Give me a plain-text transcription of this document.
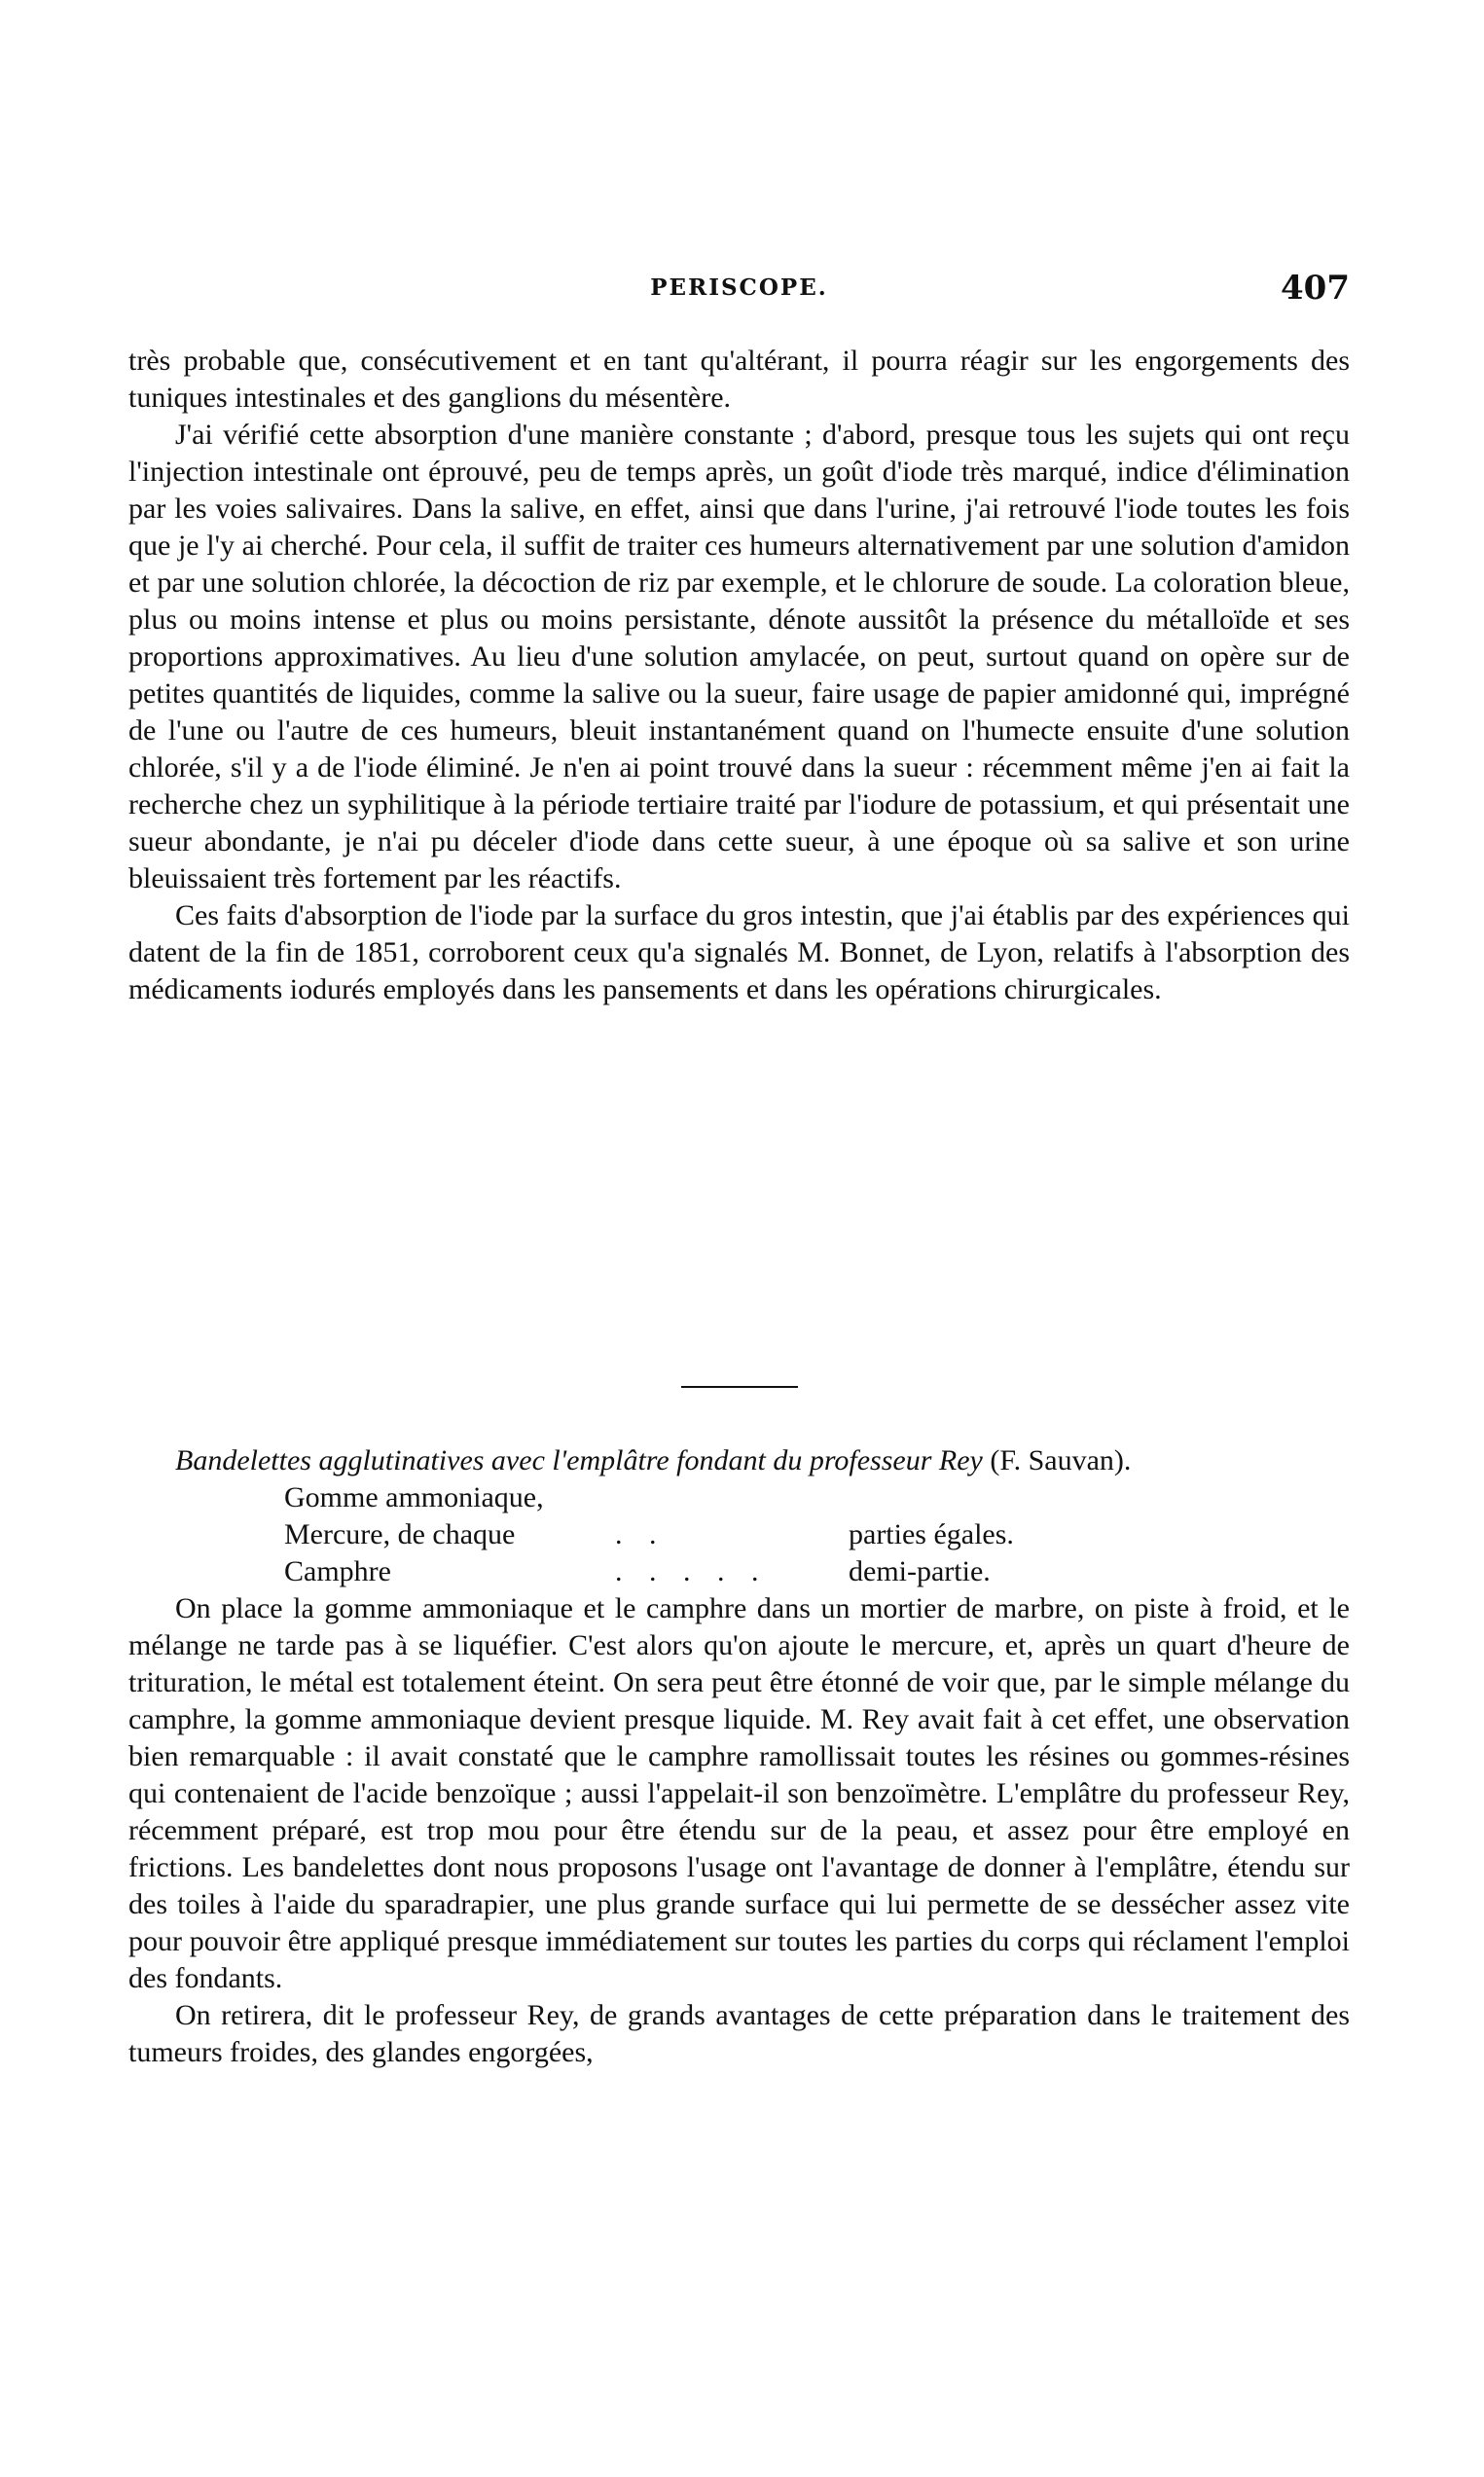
PERISCOPE.	407

très probable que, consécutivement et en tant qu'altérant, il pourra réagir sur les engorgements des tuniques intestinales et des ganglions du mésentère.

J'ai vérifié cette absorption d'une manière constante ; d'abord, presque tous les sujets qui ont reçu l'injection intestinale ont éprouvé, peu de temps après, un goût d'iode très marqué, indice d'élimination par les voies salivaires. Dans la salive, en effet, ainsi que dans l'urine, j'ai retrouvé l'iode toutes les fois que je l'y ai cherché. Pour cela, il suffit de traiter ces humeurs alternativement par une solution d'amidon et par une solution chlorée, la décoction de riz par exemple, et le chlorure de soude. La coloration bleue, plus ou moins intense et plus ou moins persistante, dénote aussitôt la présence du métalloïde et ses proportions approximatives. Au lieu d'une solution amylacée, on peut, surtout quand on opère sur de petites quantités de liquides, comme la salive ou la sueur, faire usage de papier amidonné qui, imprégné de l'une ou l'autre de ces humeurs, bleuit instantanément quand on l'humecte ensuite d'une solution chlorée, s'il y a de l'iode éliminé. Je n'en ai point trouvé dans la sueur : récemment même j'en ai fait la recherche chez un syphilitique à la période tertiaire traité par l'iodure de potassium, et qui présentait une sueur abondante, je n'ai pu déceler d'iode dans cette sueur, à une époque où sa salive et son urine bleuissaient très fortement par les réactifs.

Ces faits d'absorption de l'iode par la surface du gros intestin, que j'ai établis par des expériences qui datent de la fin de 1851, corroborent ceux qu'a signalés M. Bonnet, de Lyon, relatifs à l'absorption des médicaments iodurés employés dans les pansements et dans les opérations chirurgicales.

Bandelettes agglutinatives avec l'emplâtre fondant du professeur Rey (F. Sauvan).

Gomme ammoniaque,
Mercure, de chaque	. .	parties égales.
Camphre	. . . . .	demi-partie.

On place la gomme ammoniaque et le camphre dans un mortier de marbre, on piste à froid, et le mélange ne tarde pas à se liquéfier. C'est alors qu'on ajoute le mercure, et, après un quart d'heure de trituration, le métal est totalement éteint. On sera peut être étonné de voir que, par le simple mélange du camphre, la gomme ammoniaque devient presque liquide. M. Rey avait fait à cet effet, une observation bien remarquable : il avait constaté que le camphre ramollissait toutes les résines ou gommes-résines qui contenaient de l'acide benzoïque ; aussi l'appelait-il son benzoïmètre. L'emplâtre du professeur Rey, récemment préparé, est trop mou pour être étendu sur de la peau, et assez pour être employé en frictions. Les bandelettes dont nous proposons l'usage ont l'avantage de donner à l'emplâtre, étendu sur des toiles à l'aide du sparadrapier, une plus grande surface qui lui permette de se dessécher assez vite pour pouvoir être appliqué presque immédiatement sur toutes les parties du corps qui réclament l'emploi des fondants.

On retirera, dit le professeur Rey, de grands avantages de cette préparation dans le traitement des tumeurs froides, des glandes engorgées,
